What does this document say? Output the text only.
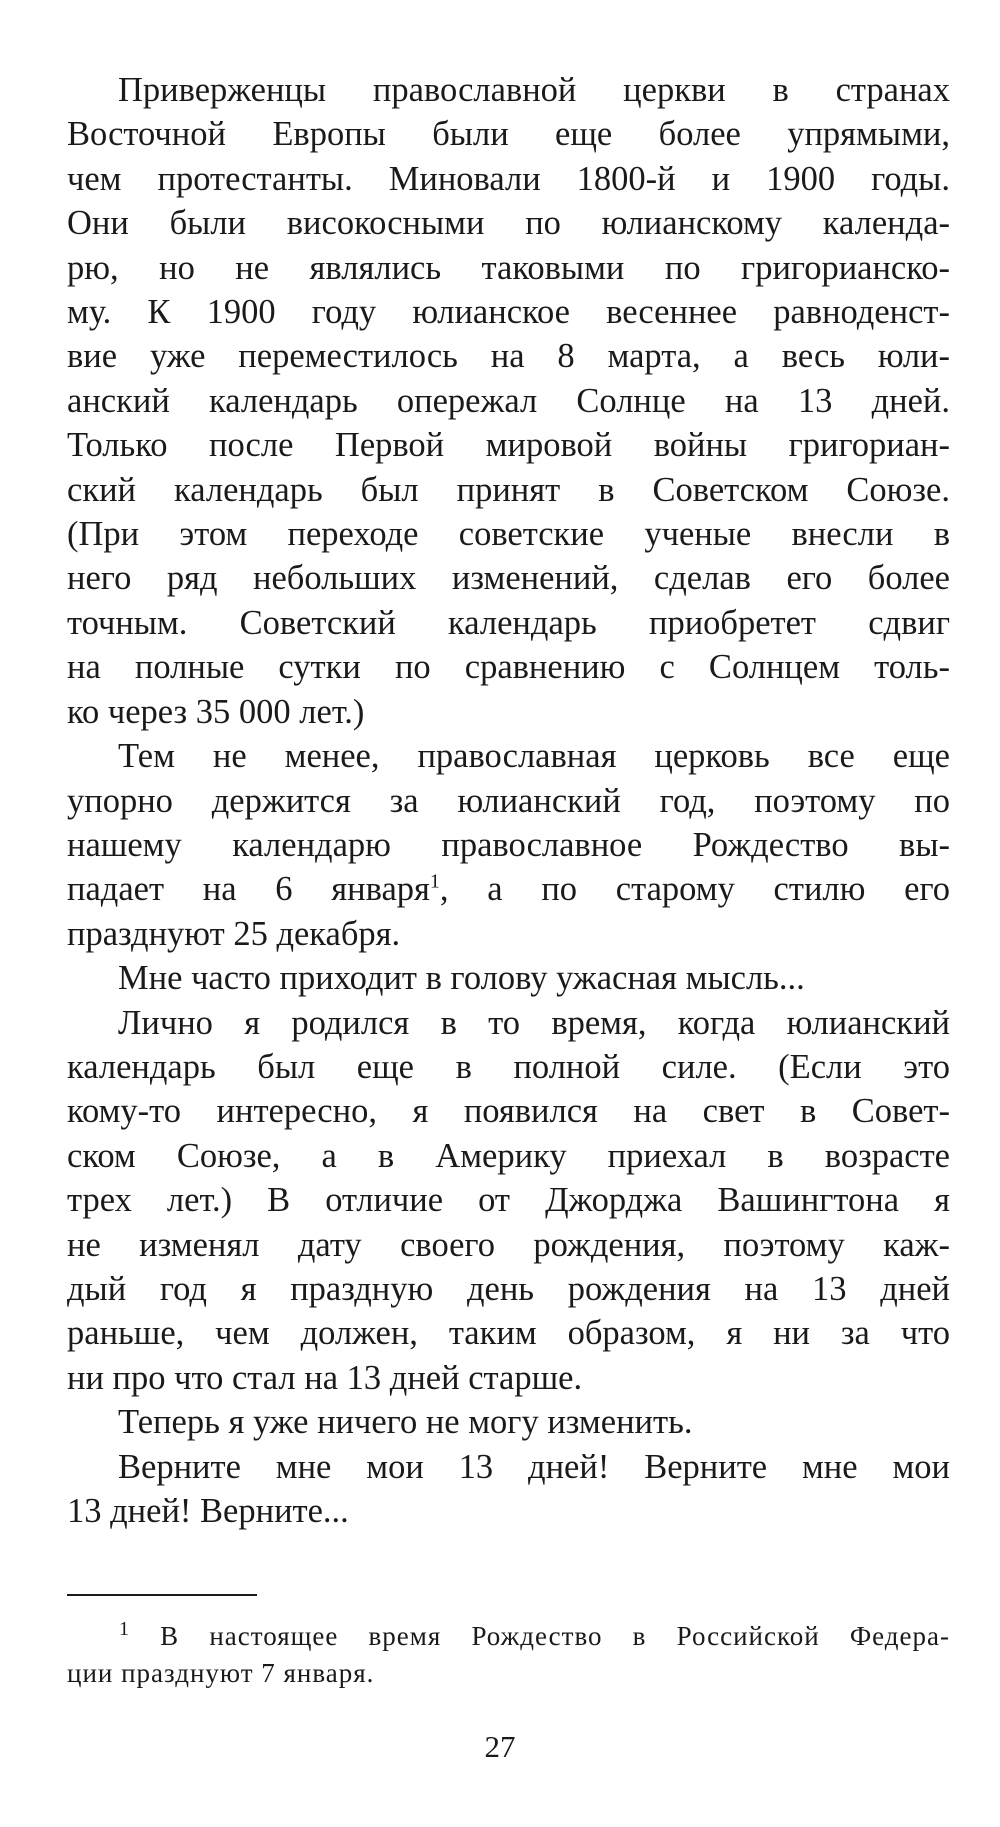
Приверженцы православной церкви в странах
Восточной Европы были еще более упрямыми,
чем протестанты. Миновали 1800-й и 1900 годы.
Они были високосными по юлианскому календа-
рю, но не являлись таковыми по григорианско-
му. К 1900 году юлианское весеннее равноденст-
вие уже переместилось на 8 марта, а весь юли-
анский календарь опережал Солнце на 13 дней.
Только после Первой мировой войны григориан-
ский календарь был принят в Советском Союзе.
(При этом переходе советские ученые внесли в
него ряд небольших изменений, сделав его более
точным. Советский календарь приобретет сдвиг
на полные сутки по сравнению с Солнцем толь-
ко через 35 000 лет.)

Тем не менее, православная церковь все еще
упорно держится за юлианский год, поэтому по
нашему календарю православное Рождество вы-
падает на 6 января$^1$, а по старому стилю его
празднуют 25 декабря.

Мне часто приходит в голову ужасная мысль...

Лично я родился в то время, когда юлианский
календарь был еще в полной силе. (Если это
кому-то интересно, я появился на свет в Совет-
ском Союзе, а в Америку приехал в возрасте
трех лет.) В отличие от Джорджа Вашингтона я
не изменял дату своего рождения, поэтому каж-
дый год я праздную день рождения на 13 дней
раньше, чем должен, таким образом, я ни за что
ни про что стал на 13 дней старше.

Теперь я уже ничего не могу изменить.

Верните мне мои 13 дней! Верните мне мои
13 дней! Верните...

$^1$ В настоящее время Рождество в Российской Федера-
ции празднуют 7 января.
27
